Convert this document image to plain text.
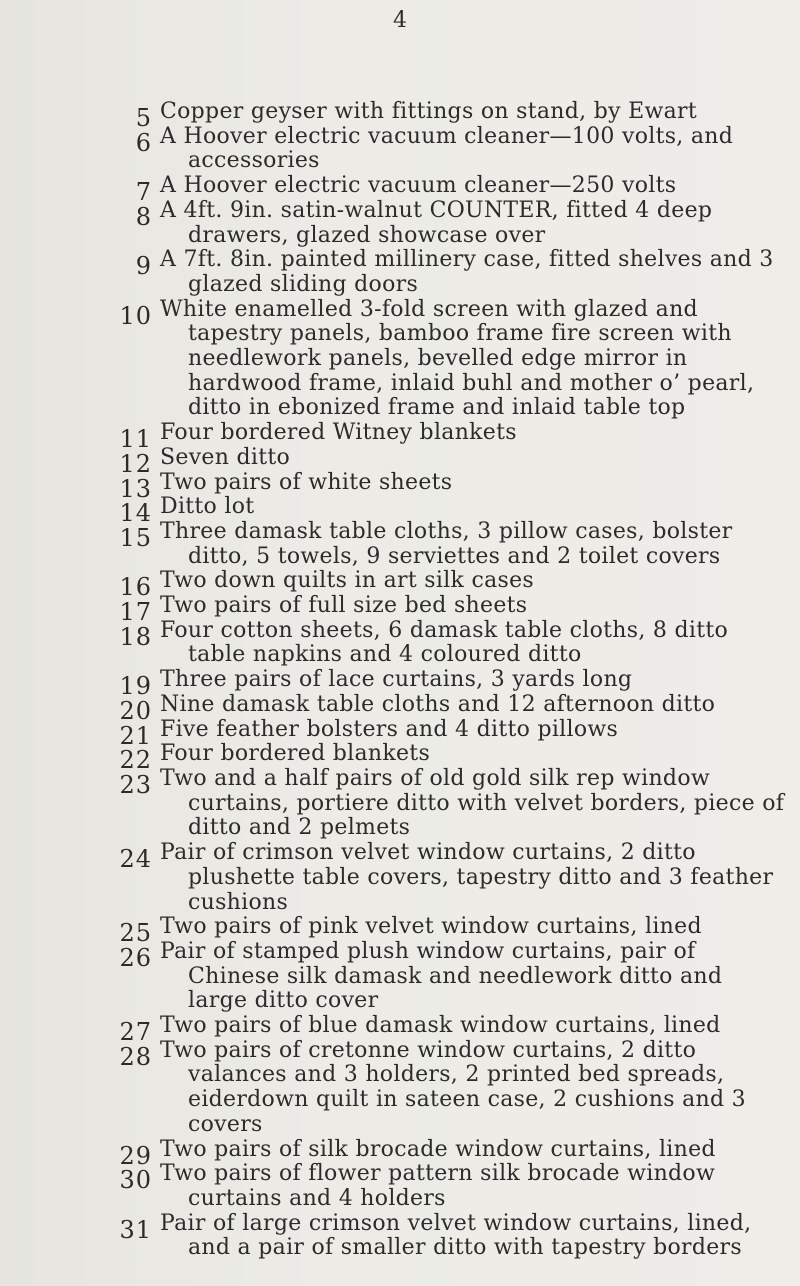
4
5 Copper geyser with fittings on stand, by Ewart
6 A Hoover electric vacuum cleaner—100 volts, and accessories
7 A Hoover electric vacuum cleaner—250 volts
8 A 4ft. 9in. satin-walnut COUNTER, fitted 4 deep drawers, glazed showcase over
9 A 7ft. 8in. painted millinery case, fitted shelves and 3 glazed sliding doors
10 White enamelled 3-fold screen with glazed and tapestry panels, bamboo frame fire screen with needlework panels, bevelled edge mirror in hardwood frame, inlaid buhl and mother o’ pearl, ditto in ebonized frame and inlaid table top
11 Four bordered Witney blankets
12 Seven ditto
13 Two pairs of white sheets
14 Ditto lot
15 Three damask table cloths, 3 pillow cases, bolster ditto, 5 towels, 9 serviettes and 2 toilet covers
16 Two down quilts in art silk cases
17 Two pairs of full size bed sheets
18 Four cotton sheets, 6 damask table cloths, 8 ditto table napkins and 4 coloured ditto
19 Three pairs of lace curtains, 3 yards long
20 Nine damask table cloths and 12 afternoon ditto
21 Five feather bolsters and 4 ditto pillows
22 Four bordered blankets
23 Two and a half pairs of old gold silk rep window curtains, portiere ditto with velvet borders, piece of ditto and 2 pelmets
24 Pair of crimson velvet window curtains, 2 ditto plushette table covers, tapestry ditto and 3 feather cushions
25 Two pairs of pink velvet window curtains, lined
26 Pair of stamped plush window curtains, pair of Chinese silk damask and needlework ditto and large ditto cover
27 Two pairs of blue damask window curtains, lined
28 Two pairs of cretonne window curtains, 2 ditto valances and 3 holders, 2 printed bed spreads, eiderdown quilt in sateen case, 2 cushions and 3 covers
29 Two pairs of silk brocade window curtains, lined
30 Two pairs of flower pattern silk brocade window curtains and 4 holders
31 Pair of large crimson velvet window curtains, lined, and a pair of smaller ditto with tapestry borders
